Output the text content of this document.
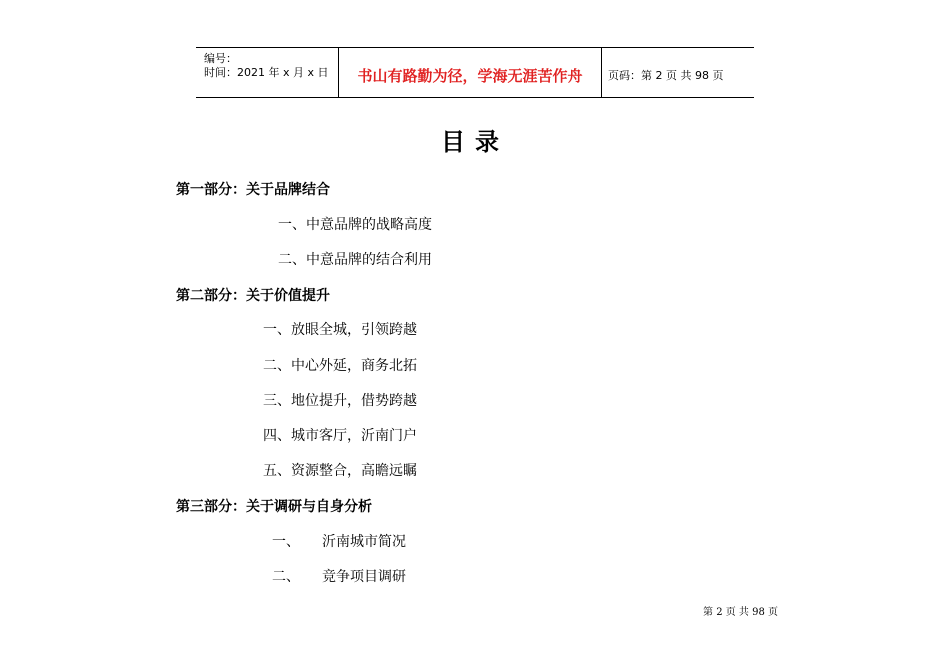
编号：
时间：2021 年 x 月 x 日	书山有路勤为径，学海无涯苦作舟	页码：第 2 页 共 98 页
目录
第一部分：关于品牌结合
一、中意品牌的战略高度
二、中意品牌的结合利用
第二部分：关于价值提升
一、放眼全城，引领跨越
二、中心外延，商务北拓
三、地位提升，借势跨越
四、城市客厅，沂南门户
五、资源整合，高瞻远瞩
第三部分：关于调研与自身分析
一、 沂南城市简况
二、 竞争项目调研
第 2 页 共 98 页
